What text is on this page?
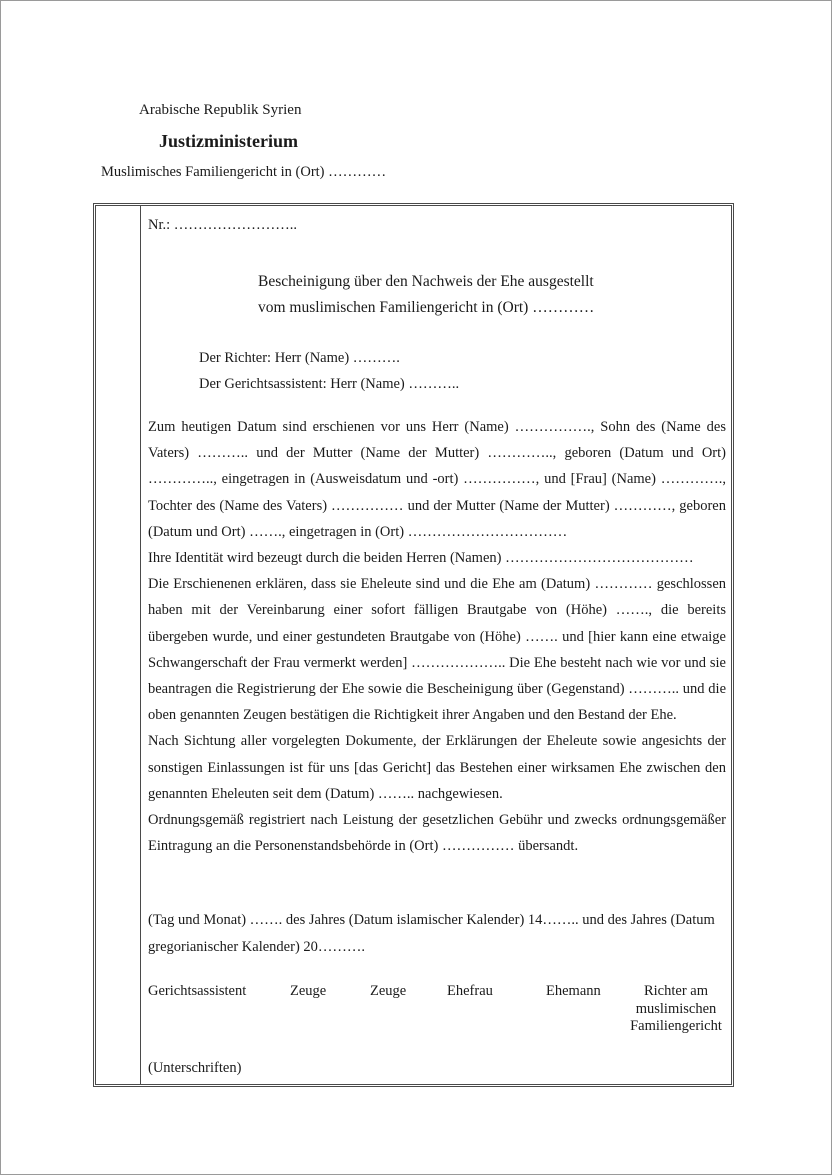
Arabische Republik Syrien
Justizministerium
Muslimisches Familiengericht in (Ort) …………
Nr.: ……………………..
Bescheinigung über den Nachweis der Ehe ausgestellt
vom muslimischen Familiengericht in (Ort) …………
Der Richter: Herr (Name) ……….
Der Gerichtsassistent: Herr (Name) ………..

Zum heutigen Datum sind erschienen vor uns Herr (Name) ……………., Sohn des (Name des Vaters) ……….. und der Mutter (Name der Mutter) ………….., geboren (Datum und Ort) ………….., eingetragen in (Ausweisdatum und -ort) ……………, und [Frau] (Name) …………., Tochter des (Name des Vaters) …………… und der Mutter (Name der Mutter) …………, geboren (Datum und Ort) ……., eingetragen in (Ort) ……………………………

Ihre Identität wird bezeugt durch die beiden Herren (Namen) …………………………………

Die Erschienenen erklären, dass sie Eheleute sind und die Ehe am (Datum) ………… geschlossen haben mit der Vereinbarung einer sofort fälligen Brautgabe von (Höhe) ……., die bereits übergeben wurde, und einer gestundeten Brautgabe von (Höhe) ……. und [hier kann eine etwaige Schwangerschaft der Frau vermerkt werden] ……………….. Die Ehe besteht nach wie vor und sie beantragen die Registrierung der Ehe sowie die Bescheinigung über (Gegenstand) ……….. und die oben genannten Zeugen bestätigen die Richtigkeit ihrer Angaben und den Bestand der Ehe.

Nach Sichtung aller vorgelegten Dokumente, der Erklärungen der Eheleute sowie angesichts der sonstigen Einlassungen ist für uns [das Gericht] das Bestehen einer wirksamen Ehe zwischen den genannten Eheleuten seit dem (Datum) …….. nachgewiesen.

Ordnungsgemäß registriert nach Leistung der gesetzlichen Gebühr und zwecks ordnungsgemäßer Eintragung an die Personenstandsbehörde in (Ort) …………… übersandt.

(Tag und Monat) ……. des Jahres (Datum islamischer Kalender) 14…….. und des Jahres (Datum gregorianischer Kalender) 20……….
Gerichtsassistent	Zeuge	Zeuge	Ehefrau	Ehemann	Richter am
muslimischen
Familiengericht
(Unterschriften)
